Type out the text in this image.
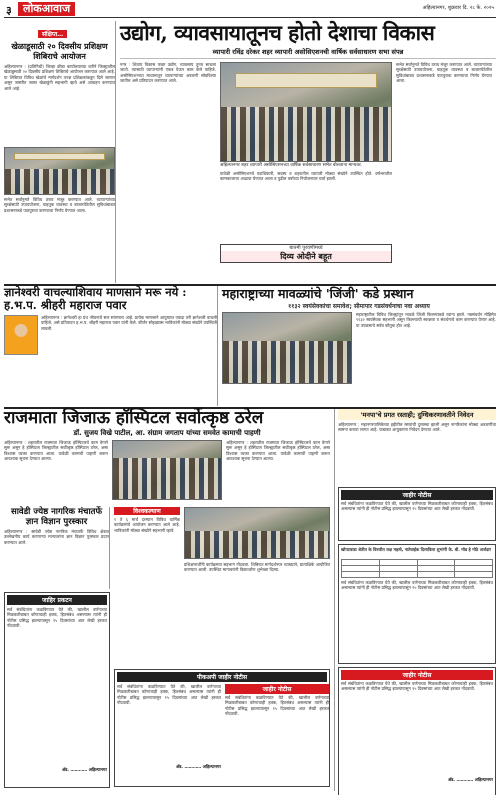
३	लोकआवाज	अहिल्यानगर, शुक्रवार दि. २८ फे. २०२५
संक्षिप्त…
खेळाडूसाठी २० दिवसीय प्रशिक्षण शिबिराचे आयोजन
अहिल्यानगर : (प्रतिनिधी) जिल्हा क्रीडा कार्यालयाच्या वतीने जिल्ह्यातील खेळाडूसाठी २० दिवसीय प्रशिक्षण शिबिराचे आयोजन करण्यात आले आहे. या शिबिरात विविध खेळांचे मार्गदर्शन तज्ज्ञ प्रशिक्षकांकडून दिले जाणार असून जास्तीत जास्त खेळाडूंनी सहभागी व्हावे असे आवाहन करण्यात आले आहे.
सभेत सर्वानुमते विविध ठराव मंजूर करण्यात आले. व्यापाऱ्यांच्या सुरक्षेसाठी उपाययोजना, वाहतूक व्यवस्था व बाजारपेठेतील सुविधांबाबत प्रशासनाकडे पाठपुरावा करण्याचा निर्णय घेण्यात आला.
उद्योग, व्यावसायातूनच होतो देशाचा विकास
व्यापारी रविंद्र दरेकर शहर व्यापारी असोसिएशनची वार्षिक सर्वसाधारण सभा संपन्न
नगर : शिवाय विकास फक्त उद्योग, व्यावसाय तूनच साधला जातो. त्यासाठी व्यापाऱ्यांनी एकत्र येऊन काम केले पाहिजे. असोसिएशनच्या माध्यमातून व्यापाऱ्यांच्या अडचणी सोडविल्या जातील असे प्रतिपादन करण्यात आले.
अहिल्यानगर शहर व्यापारी असोसिएशनच्या वार्षिक सर्वसाधारण सभेत बोलताना मान्यवर.
यावेळी असोसिएशनचे पदाधिकारी, सदस्य व शहरातील व्यापारी मोठ्या संख्येने उपस्थित होते. वर्षभरातील कामकाजाचा आढावा घेण्यात आला व पुढील वर्षाच्या नियोजनावर चर्चा झाली.
बातमी पुरवणीमध्ये
दिव्य ओदीने बहूत
सभेत सर्वानुमते विविध ठराव मंजूर करण्यात आले. व्यापाऱ्यांच्या सुरक्षेसाठी उपाययोजना, वाहतूक व्यवस्था व बाजारपेठेतील सुविधांबाबत प्रशासनाकडे पाठपुरावा करण्याचा निर्णय घेण्यात आला.
ज्ञानेश्वरी वाचल्याशिवाय माणसाने मरू नये : ह.भ.प. श्रीहरी महाराज पवार
अहिल्यानगर : ज्ञानेश्वरी हा ग्रंथ जीवनाचे सार सांगणारा आहे. प्रत्येक माणसाने आयुष्यात एकदा तरी ज्ञानेश्वरी वाचली पाहिजे, असे प्रतिपादन ह.भ.प. श्रीहरी महाराज पवार यांनी केले. कीर्तन सोहळ्यास भाविकांनी मोठ्या संख्येने उपस्थिती लावली.
महाराष्ट्राच्या मावळ्यांचे 'जिंजी' कडे प्रस्थान
११३२ स्वयंसेवकांचा समावेश; सीमापार गडसंवर्धनाचा नवा अध्याय
महाराष्ट्रातील विविध जिल्ह्यांतून मावळे जिंजी किल्ल्याकडे रवाना झाले. गडसंवर्धन मोहिमेत ११३२ स्वयंसेवक सहभागी असून किल्ल्याची स्वच्छता व संवर्धनाचे काम करण्यात येणार आहे. या उपक्रमाचे सर्वत्र कौतुक होत आहे.
राजमाता जिजाऊ हॉस्पिटल सर्वोत्कृष्ठ ठरेल
डॉ. सुजय विखे पाटील, आ. संग्राम जगताप यांच्या समवेत कामाची पाहणी
अहिल्यानगर : शहरातील राजमाता जिजाऊ हॉस्पिटलचे काम वेगाने सुरू असून हे हॉस्पिटल जिल्ह्यातील सर्वोत्कृष्ठ हॉस्पिटल ठरेल, असा विश्वास व्यक्त करण्यात आला. यावेळी कामाची पाहणी करून आवश्यक सूचना देण्यात आल्या.
अहिल्यानगर : शहरातील राजमाता जिजाऊ हॉस्पिटलचे काम वेगाने सुरू असून हे हॉस्पिटल जिल्ह्यातील सर्वोत्कृष्ठ हॉस्पिटल ठरेल, असा विश्वास व्यक्त करण्यात आला. यावेळी कामाची पाहणी करून आवश्यक सूचना देण्यात आल्या.
'मनपा'चे प्रगत रस्ताही; दुग्धिकरणावतीने निवेदन
अहिल्यानगर : महानगरपालिकेच्या हद्दीतील रस्त्यांची दुरवस्था झाली असून नागरिकांना मोठ्या अडचणींचा सामना करावा लागत आहे. याबाबत आयुक्तांना निवेदन देण्यात आले.
जाहीर नोटीस
सर्व संबंधितांना कळविण्यात येते की, खालील वर्णनाच्या मिळकतीबाबत कोणाचाही हक्क, हितसंबंध असल्यास त्यांनी ही नोटीस प्रसिद्ध झाल्यापासून १५ दिवसांच्या आत लेखी हरकत नोंदवावी.
खोपटवाडा शेतीत के विरजीत लक्ष महत्वे, नातेवाईक दिलाविला शुभांगी के. बी. मोड हे मोठे अर्जदार

सर्व संबंधितांना कळविण्यात येते की, खालील वर्णनाच्या मिळकतीबाबत कोणाचाही हक्क, हितसंबंध असल्यास त्यांनी ही नोटीस प्रसिद्ध झाल्यापासून १५ दिवसांच्या आत लेखी हरकत नोंदवावी.
जाहीर नोटीस
सर्व संबंधितांना कळविण्यात येते की, खालील वर्णनाच्या मिळकतीबाबत कोणाचाही हक्क, हितसंबंध असल्यास त्यांनी ही नोटीस प्रसिद्ध झाल्यापासून १५ दिवसांच्या आत लेखी हरकत नोंदवावी.
अ‍ॅड. ………… अहिल्यानगर
सावेडी ज्येष्ठ नागरिक मंचातर्फे ज्ञान विज्ञान पुरस्कार
अहिल्यानगर : सावेडी ज्येष्ठ नागरिक मंचातर्फे विविध क्षेत्रात उल्लेखनीय कार्य करणाऱ्या मान्यवरांना ज्ञान विज्ञान पुरस्कार प्रदान करण्यात आले.
विश्वकल्याण
१ ते ६ मार्च दरम्यान विविध धार्मिक कार्यक्रमांचे आयोजन करण्यात आले आहे. भाविकांनी मोठ्या संख्येने सहभागी व्हावे.
प्रशिक्षणार्थींनी कार्यक्रमात सहभाग नोंदवला. शिबिरात मार्गदर्शनपर व्याख्याने, प्रात्यक्षिके आयोजित करण्यात आली. उपस्थित मान्यवरांनी विद्यार्थ्यांना शुभेच्छा दिल्या.
जाहिर प्रकटन
सर्व संबंधितांना कळविण्यात येते की, खालील वर्णनाच्या मिळकतीबाबत कोणाचाही हक्क, हितसंबंध असल्यास त्यांनी ही नोटीस प्रसिद्ध झाल्यापासून १५ दिवसांच्या आत लेखी हरकत नोंदवावी.
अ‍ॅड. ………… अहिल्यानगर
पीकअपी जाहीर नोटीस
सर्व संबंधितांना कळविण्यात येते की, खालील वर्णनाच्या मिळकतीबाबत कोणाचाही हक्क, हितसंबंध असल्यास त्यांनी ही नोटीस प्रसिद्ध झाल्यापासून १५ दिवसांच्या आत लेखी हरकत नोंदवावी.
अ‍ॅड. ………… अहिल्यानगर
जाहीर नोटीस
सर्व संबंधितांना कळविण्यात येते की, खालील वर्णनाच्या मिळकतीबाबत कोणाचाही हक्क, हितसंबंध असल्यास त्यांनी ही नोटीस प्रसिद्ध झाल्यापासून १५ दिवसांच्या आत लेखी हरकत नोंदवावी.
